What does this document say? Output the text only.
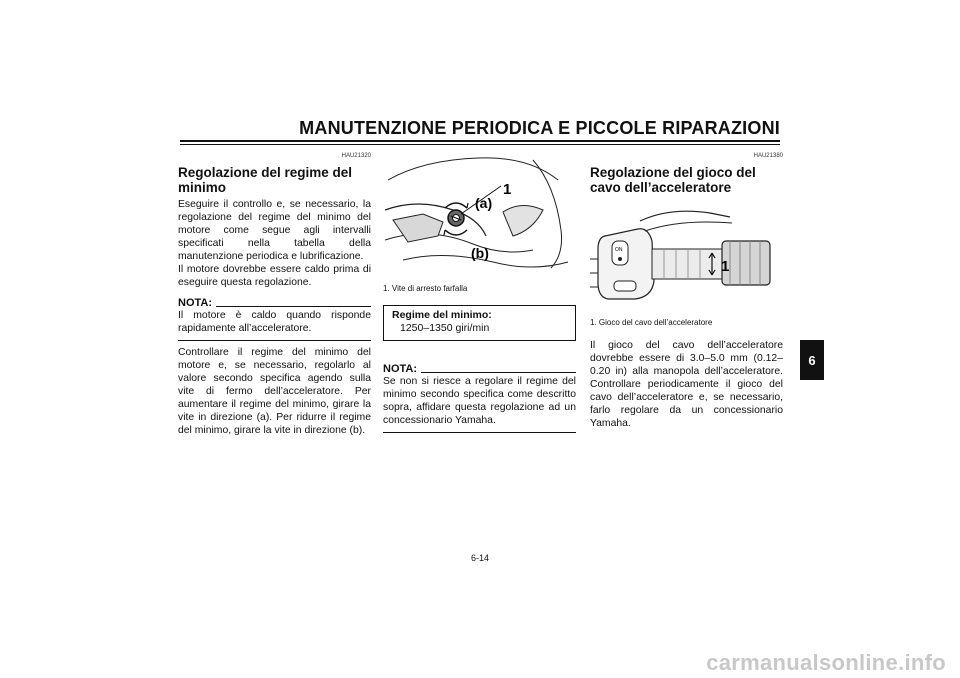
MANUTENZIONE PERIODICA E PICCOLE RIPARAZIONI
HAU21320
Regolazione del regime del minimo

Eseguire il controllo e, se necessario, la regolazione del regime del minimo del motore come segue agli intervalli specificati nella tabella della manutenzione periodica e lubrificazione.

Il motore dovrebbe essere caldo prima di eseguire questa regolazione.

NOTA:

Il motore è caldo quando risponde rapidamente all’acceleratore.

Controllare il regime del minimo del motore e, se necessario, regolarlo al valore secondo specifica agendo sulla vite di fermo dell’acceleratore. Per aumentare il regime del minimo, girare la vite in direzione (a). Per ridurre il regime del minimo, girare la vite in direzione (b).

1
(a)
(b)
1. Vite di arresto farfalla
Regime del minimo:
1250–1350 giri/min
NOTA:

Se non si riesce a regolare il regime del minimo secondo specifica come descritto sopra, affidare questa regolazione ad un concessionario Yamaha.

HAU21380
Regolazione del gioco del cavo dell’acceleratore
ON
1
1. Gioco del cavo dell’acceleratore

Il gioco del cavo dell’acceleratore dovrebbe essere di 3.0–5.0 mm (0.12–0.20 in) alla manopola dell’acceleratore. Controllare periodicamente il gioco del cavo dell’acceleratore e, se necessario, farlo regolare da un concessionario Yamaha.

6
6-14
carmanualsonline.info
